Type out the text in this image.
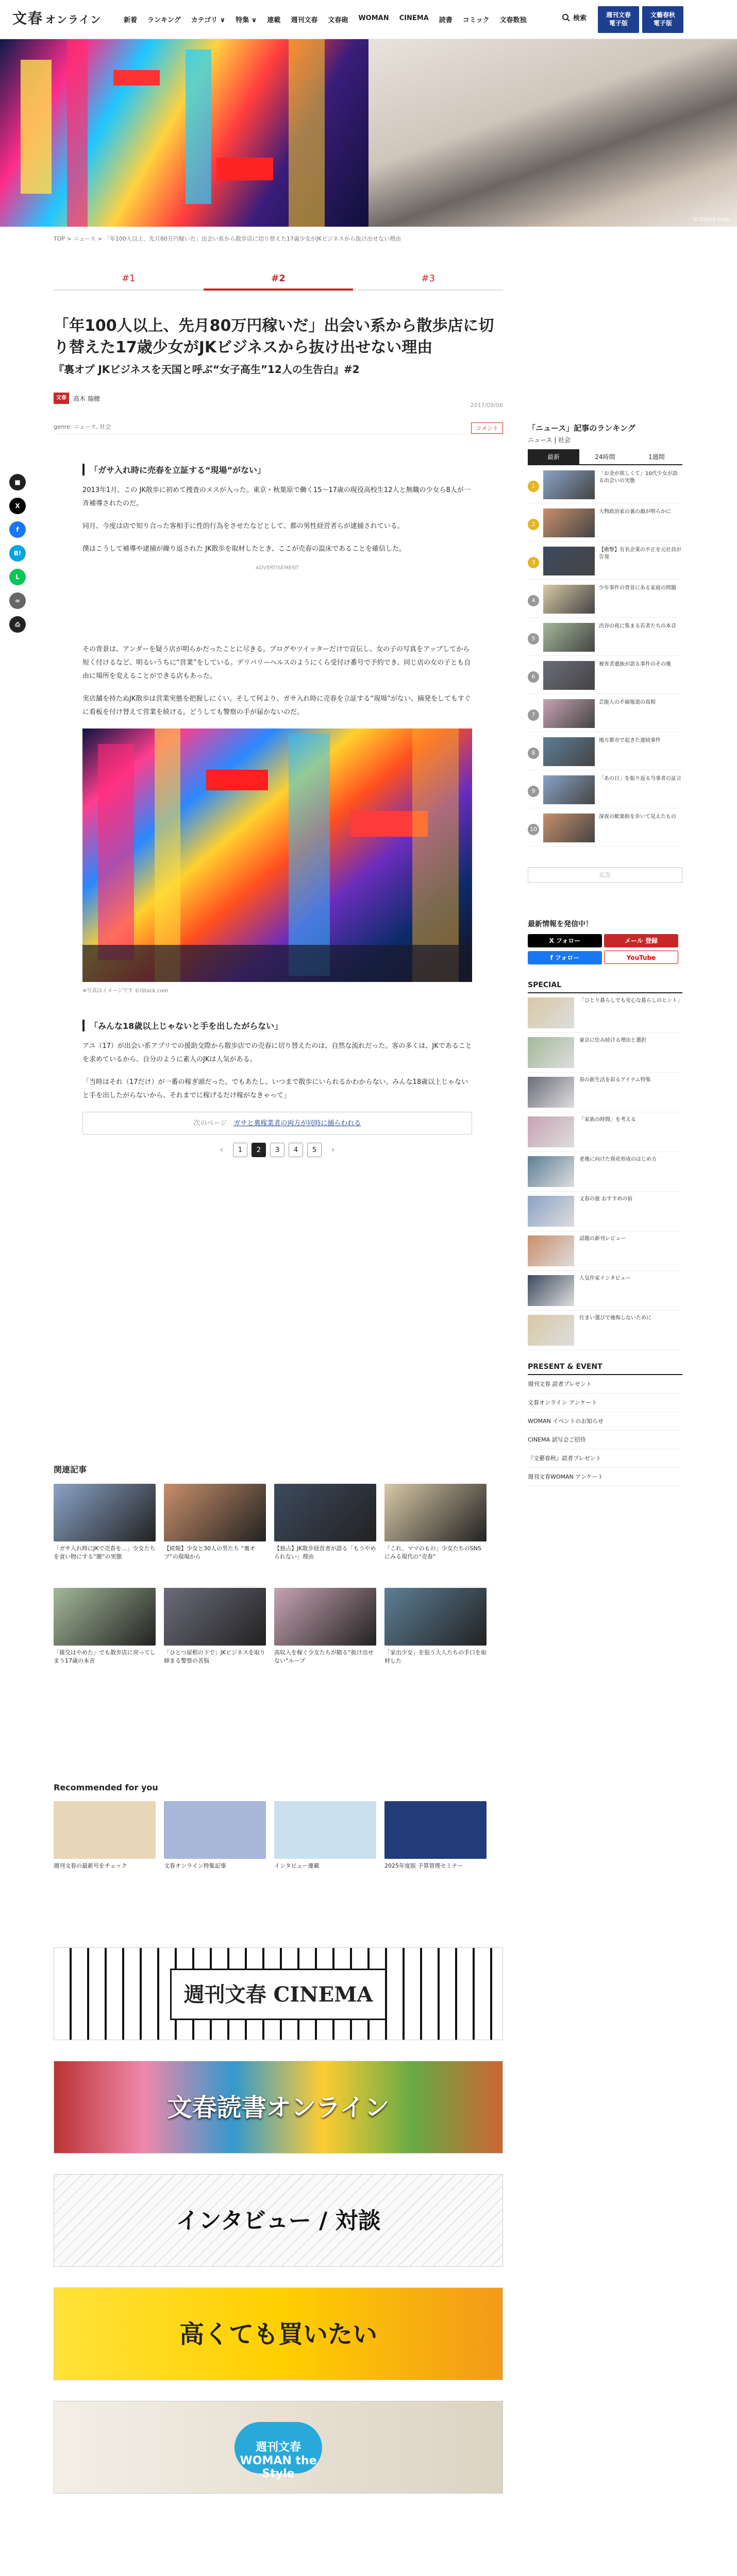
文春 オンライン	新着 ランキング カテゴリ ∨ 特集 ∨ 連載 週刊文春 文春砲 WOMAN CINEMA 読書 コミック 文春数独	検索	週刊文春
電子版
文藝春秋
電子版
©iStock.com
TOP > ニュース > 「年100人以上、先月80万円稼いだ」出会い系から散歩店に切り替えた17歳少女がJKビジネスから抜け出せない理由
#1	#2	#3
「年100人以上、先月80万円稼いだ」出会い系から散歩店に切り替えた17歳少女がJKビジネスから抜け出せない理由
『裏オプ JKビジネスを天国と呼ぶ“女子高生”12人の生告白』#2
文春	高木 瑞穂
genre: ニュース, 社会
2017/09/06
コメント
■
X
f
B!
L
∞
⎙
「ガサ入れ時に売春を立証する“現場”がない」

2013年1月、この JK散歩に初めて捜査のメスが入った。東京・秋葉原で働く15〜17歳の現役高校生12人と無職の少女ら8人が一斉補導されたのだ。

同月、今度は店で知り合った客相手に性的行為をさせたなどとして、都の男性経営者らが逮捕されている。

僕はこうして補導や逮捕が繰り返された JK散歩を取材したとき、ここが売春の温床であることを確信した。

ADVERTISEMENT

その背景は、アンダーを疑う店が明らかだったことに尽きる。ブログやツイッターだけで宣伝し、女の子の写真をアップしてから短く付けるなど、明るいうちに“営業”をしている。デリバリーヘルスのようにくら受付け番号で予約でき、同じ店の女の子とも自由に場所を変えることができる店もあった。

実店舗を持たぬJK散歩は営業実態を把握しにくい。そして何より、ガサ入れ時に売春を立証する“現場”がない。摘発をしてもすぐに看板を付け替えて営業を続ける。どうしても警察の手が届かないのだ。

※写真はイメージです ©iStock.com
「みんな18歳以上じゃないと手を出したがらない」

アユ（17）が出会い系アプリでの援助交際から散歩店での売春に切り替えたのは、自然な流れだった。客の多くは、JKであることを求めているから、自分のように素人のJKは人気がある。

「当時はそれ（17だけ）が一番の稼ぎ頭だった。でもあたし、いつまで散歩にいられるかわからない。みんな18歳以上じゃないと手を出したがらないから、それまでに稼げるだけ稼がなきゃって」

次のページ　 ガサと裏稼業者の両方が同時に捕らわれる
‹	1	2	3	4	5	›
関連記事
「ガサ入れ時にJKで売春を…」少女たちを食い物にする“闇”の実態
【続報】少女と30人の男たち “裏オプ”の現場から
【独占】JK散歩経営者が語る「もうやめられない」理由
「これ、ママのもの」少女たちのSNSにみる現代の“売春”
「援交はやめた」でも散歩店に戻ってしまう17歳の本音
「ひとつ屋根の下で」JKビジネスを取り締まる警察の苦悩
高収入を稼ぐ少女たちが陥る“抜け出せない”ループ
「家出少女」を狙う大人たちの手口を取材した
Recommended for you
週刊文春の最新号をチェック	文春オンライン特集記事	インタビュー連載	2025年度版 予算管理セミナー
週刊文春 CINEMA
文春読書オンライン
インタビュー / 対談
高くても買いたい
週刊文春WOMAN the Style
「ニュース」記事のランキング
ニュース | 社会
最新	24時間	1週間
1
「お金が欲しくて」10代少女が語る出会いの実態
2
大物政治家の裏の顔が明らかに
3
【衝撃】有名企業の不正を元社員が告発
4
少年事件の背景にある家庭の問題
5
渋谷の夜に集まる若者たちの本音
6
被害者遺族が語る事件のその後
7
芸能人の不倫報道の真相
8
地方都市で起きた連続事件
9
「あの日」を振り返る当事者の証言
10
深夜の歓楽街を歩いて見えたもの
広告
最新情報を発信中！
X フォロー	メール 登録 f フォロー	YouTube
SPECIAL
「ひとり暮らしでも安心な暮らしのヒント」
東京に住み続ける理由と選択
春の新生活を彩るアイテム特集
「家族の時間」を考える
老後に向けた資産形成のはじめ方
文春の旅 おすすめの宿
話題の新刊レビュー
人気作家インタビュー
住まい選びで後悔しないために
PRESENT & EVENT
週刊文春 読者プレゼント
文春オンライン アンケート
WOMAN イベントのお知らせ
CINEMA 試写会ご招待
『文藝春秋』読者プレゼント
週刊文春WOMAN アンケート
